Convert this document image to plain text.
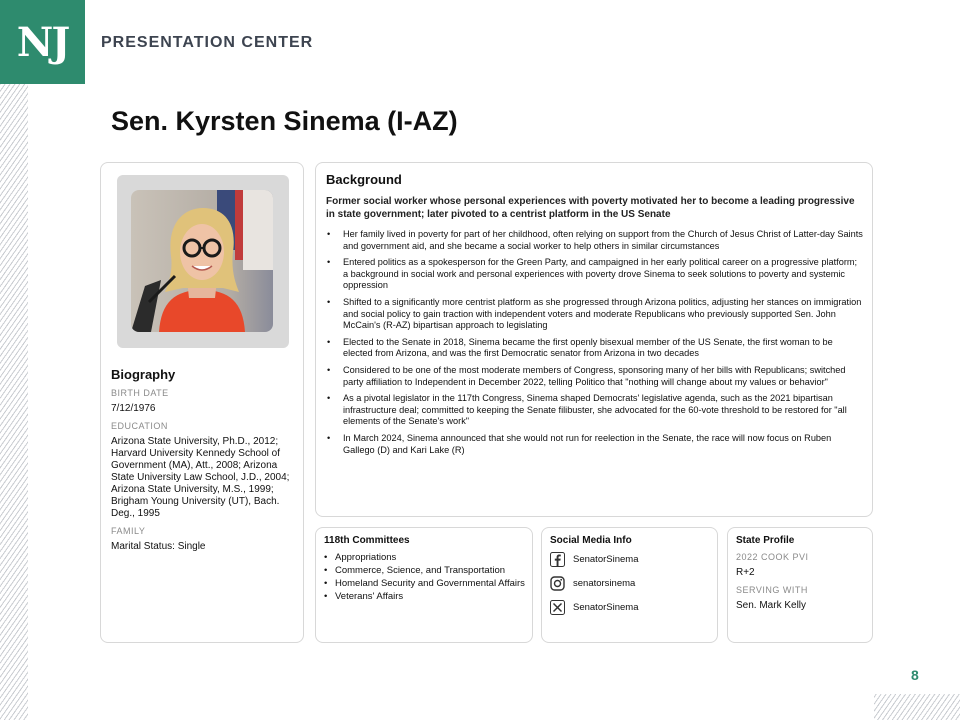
NJ PRESENTATION CENTER
Sen. Kyrsten Sinema (I-AZ)
Biography
BIRTH DATE
7/12/1976
EDUCATION
Arizona State University, Ph.D., 2012; Harvard University Kennedy School of Government (MA), Att., 2008; Arizona State University Law School, J.D., 2004; Arizona State University, M.S., 1999; Brigham Young University (UT), Bach. Deg., 1995
FAMILY
Marital Status: Single
Background
Former social worker whose personal experiences with poverty motivated her to become a leading progressive in state government; later pivoted to a centrist platform in the US Senate
• Her family lived in poverty for part of her childhood, often relying on support from the Church of Jesus Christ of Latter-day Saints and government aid, and she became a social worker to help others in similar circumstances
• Entered politics as a spokesperson for the Green Party, and campaigned in her early political career on a progressive platform; a background in social work and personal experiences with poverty drove Sinema to seek solutions to poverty and systemic oppression
• Shifted to a significantly more centrist platform as she progressed through Arizona politics, adjusting her stances on immigration and social policy to gain traction with independent voters and moderate Republicans who previously supported Sen. John McCain's (R-AZ) bipartisan approach to legislating
• Elected to the Senate in 2018, Sinema became the first openly bisexual member of the US Senate, the first woman to be elected from Arizona, and was the first Democratic senator from Arizona in two decades
• Considered to be one of the most moderate members of Congress, sponsoring many of her bills with Republicans; switched party affiliation to Independent in December 2022, telling Politico that "nothing will change about my values or behavior"
• As a pivotal legislator in the 117th Congress, Sinema shaped Democrats' legislative agenda, such as the 2021 bipartisan infrastructure deal; committed to keeping the Senate filibuster, she advocated for the 60-vote threshold to be restored for "all elements of the Senate's work"
• In March 2024, Sinema announced that she would not run for reelection in the Senate, the race will now focus on Ruben Gallego (D) and Kari Lake (R)
118th Committees
• Appropriations
• Commerce, Science, and Transportation
• Homeland Security and Governmental Affairs
• Veterans' Affairs
Social Media Info
SenatorSinema
senatorsinema
SenatorSinema
State Profile
2022 COOK PVI
R+2
SERVING WITH
Sen. Mark Kelly
8
